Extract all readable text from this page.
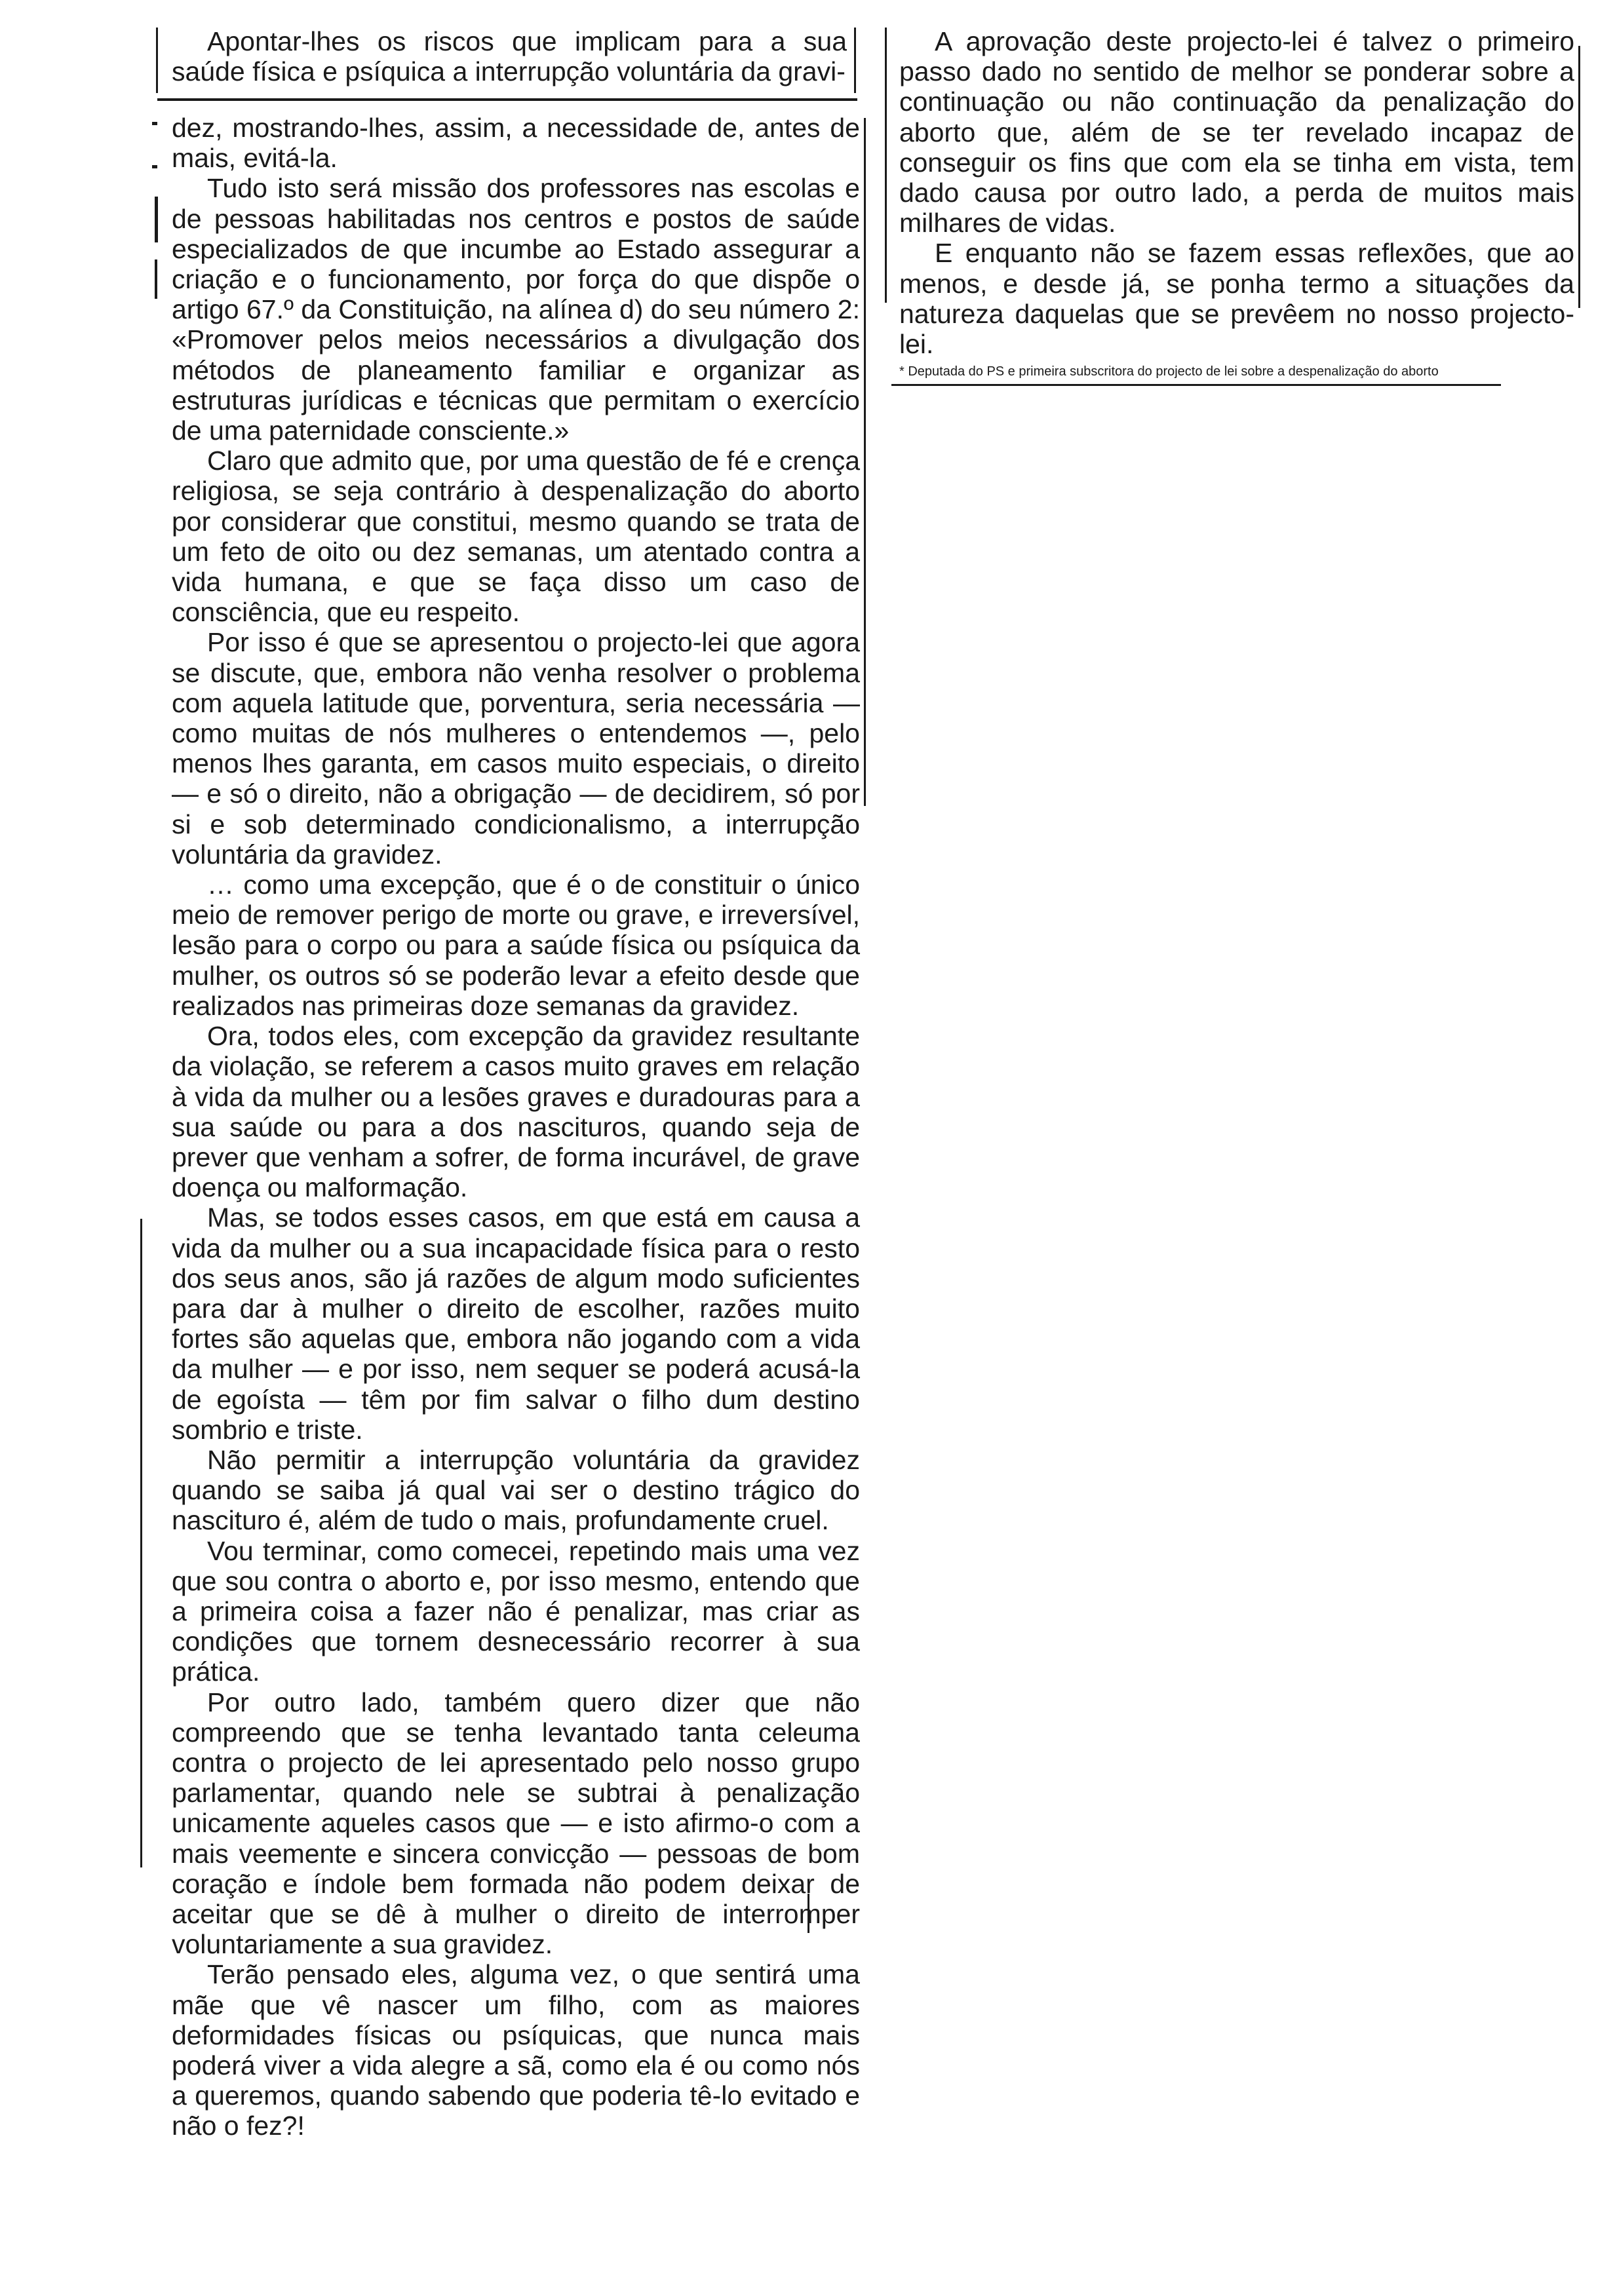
Apontar-lhes os riscos que implicam para a sua saúde física e psíquica a interrupção voluntária da gravi-

dez, mostrando-lhes, assim, a necessidade de, antes de mais, evitá-la.

Tudo isto será missão dos professores nas escolas e de pessoas habilitadas nos centros e postos de saúde especializados de que incumbe ao Estado assegurar a criação e o funcionamento, por força do que dispõe o artigo 67.º da Constituição, na alínea d) do seu número 2: «Promover pelos meios necessários a divulgação dos métodos de planeamento familiar e organizar as estruturas jurídicas e técnicas que permitam o exercício de uma paternidade consciente.»

Claro que admito que, por uma questão de fé e crença religiosa, se seja contrário à despenalização do aborto por considerar que constitui, mesmo quando se trata de um feto de oito ou dez semanas, um atentado contra a vida humana, e que se faça disso um caso de consciência, que eu respeito.

Por isso é que se apresentou o projecto-lei que agora se discute, que, embora não venha resolver o problema com aquela latitude que, porventura, seria necessária — como muitas de nós mulheres o entendemos —, pelo menos lhes garanta, em casos muito especiais, o direito — e só o direito, não a obrigação — de decidirem, só por si e sob determinado condicionalismo, a interrupção voluntária da gravidez.

… como uma excepção, que é o de constituir o único meio de remover perigo de morte ou grave, e irreversível, lesão para o corpo ou para a saúde física ou psíquica da mulher, os outros só se poderão levar a efeito desde que realizados nas primeiras doze semanas da gravidez.

Ora, todos eles, com excepção da gravidez resultante da violação, se referem a casos muito graves em relação à vida da mulher ou a lesões graves e duradouras para a sua saúde ou para a dos nascituros, quando seja de prever que venham a sofrer, de forma incurável, de grave doença ou malformação.

Mas, se todos esses casos, em que está em causa a vida da mulher ou a sua incapacidade física para o resto dos seus anos, são já razões de algum modo suficientes para dar à mulher o direito de escolher, razões muito fortes são aquelas que, embora não jogando com a vida da mulher — e por isso, nem sequer se poderá acusá-la de egoísta — têm por fim salvar o filho dum destino sombrio e triste.

Não permitir a interrupção voluntária da gravidez quando se saiba já qual vai ser o destino trágico do nascituro é, além de tudo o mais, profundamente cruel.

Vou terminar, como comecei, repetindo mais uma vez que sou contra o aborto e, por isso mesmo, entendo que a primeira coisa a fazer não é penalizar, mas criar as condições que tornem desnecessário recorrer à sua prática.

Por outro lado, também quero dizer que não compreendo que se tenha levantado tanta celeuma contra o projecto de lei apresentado pelo nosso grupo parlamentar, quando nele se subtrai à penalização unicamente aqueles casos que — e isto afirmo-o com a mais veemente e sincera convicção — pessoas de bom coração e índole bem formada não podem deixar de aceitar que se dê à mulher o direito de interromper voluntariamente a sua gravidez.

Terão pensado eles, alguma vez, o que sentirá uma mãe que vê nascer um filho, com as maiores deformidades físicas ou psíquicas, que nunca mais poderá viver a vida alegre a sã, como ela é ou como nós a queremos, quando sabendo que poderia tê-lo evitado e não o fez?!

A aprovação deste projecto-lei é talvez o primeiro passo dado no sentido de melhor se ponderar sobre a continuação ou não continuação da penalização do aborto que, além de se ter revelado incapaz de conseguir os fins que com ela se tinha em vista, tem dado causa por outro lado, a perda de muitos mais milhares de vidas.

E enquanto não se fazem essas reflexões, que ao menos, e desde já, se ponha termo a situações da natureza daquelas que se prevêem no nosso projecto-lei.

* Deputada do PS e primeira subscritora do projecto de lei sobre a despenalização do aborto
